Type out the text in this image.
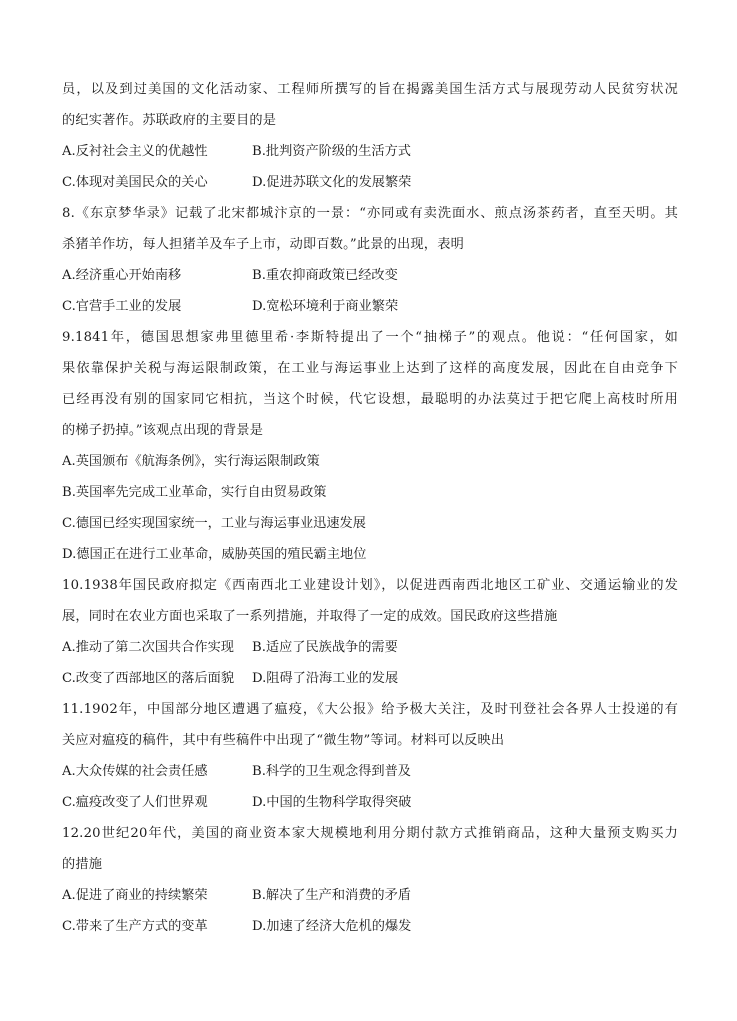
员，以及到过美国的文化活动家、工程师所撰写的旨在揭露美国生活方式与展现劳动人民贫穷状况
的纪实著作。苏联政府的主要目的是
A.反衬社会主义的优越性	B.批判资产阶级的生活方式
C.体现对美国民众的关心	D.促进苏联文化的发展繁荣
8.《东京梦华录》记载了北宋都城汴京的一景：“亦同或有卖洗面水、煎点汤茶药者，直至天明。其
杀猪羊作坊，每人担猪羊及车子上市，动即百数。”此景的出现，表明
A.经济重心开始南移	B.重农抑商政策已经改变
C.官营手工业的发展	D.宽松环境利于商业繁荣
9.1841年，德国思想家弗里德里希·李斯特提出了一个“抽梯子”的观点。他说：“任何国家，如
果依靠保护关税与海运限制政策，在工业与海运事业上达到了这样的高度发展，因此在自由竞争下
已经再没有别的国家同它相抗，当这个时候，代它设想，最聪明的办法莫过于把它爬上高枝时所用
的梯子扔掉。”该观点出现的背景是
A.英国颁布《航海条例》，实行海运限制政策
B.英国率先完成工业革命，实行自由贸易政策
C.德国已经实现国家统一，工业与海运事业迅速发展
D.德国正在进行工业革命，威胁英国的殖民霸主地位
10.1938年国民政府拟定《西南西北工业建设计划》，以促进西南西北地区工矿业、交通运输业的发
展，同时在农业方面也采取了一系列措施，并取得了一定的成效。国民政府这些措施
A.推动了第二次国共合作实现	B.适应了民族战争的需要
C.改变了西部地区的落后面貌	D.阻碍了沿海工业的发展
11.1902年，中国部分地区遭遇了瘟疫，《大公报》给予极大关注，及时刊登社会各界人士投递的有
关应对瘟疫的稿件，其中有些稿件中出现了“微生物”等词。材料可以反映出
A.大众传媒的社会责任感	B.科学的卫生观念得到普及
C.瘟疫改变了人们世界观	D.中国的生物科学取得突破
12.20世纪20年代，美国的商业资本家大规模地利用分期付款方式推销商品，这种大量预支购买力
的措施
A.促进了商业的持续繁荣	B.解决了生产和消费的矛盾
C.带来了生产方式的变革	D.加速了经济大危机的爆发
